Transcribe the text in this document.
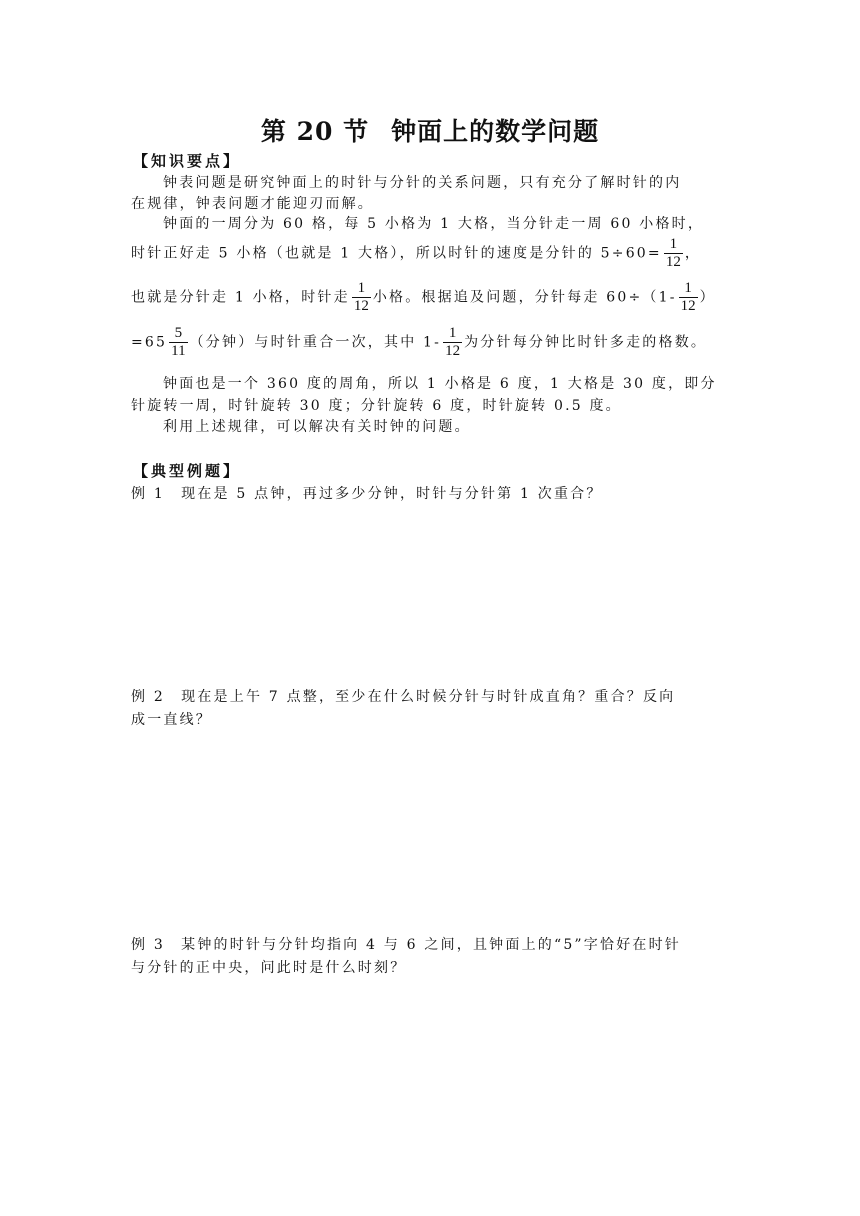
第 20 节 钟面上的数学问题
【知识要点】
钟表问题是研究钟面上的时针与分针的关系问题，只有充分了解时针的内
在规律，钟表问题才能迎刃而解。
钟面的一周分为 60 格，每 5 小格为 1 大格，当分针走一周 60 小格时，
时针正好走 5 小格（也就是 1 大格），所以时针的速度是分针的 $5\div 60= \frac{1}{12}$ ，
也就是分针走 1 小格，时针走 $\frac{1}{12}$ 小格。根据追及问题，分针每走 $60\div(1- \frac{1}{12}$ ）
$=65 \frac{5}{11}$ （分钟）与时针重合一次，其中 $1- \frac{1}{12}$ 为分针每分钟比时针多走的格数。
钟面也是一个 360 度的周角，所以 1 小格是 6 度，1 大格是 30 度，即分
针旋转一周，时针旋转 30 度；分针旋转 6 度，时针旋转 0.5 度。
利用上述规律，可以解决有关时钟的问题。
【典型例题】
例 1　现在是 5 点钟，再过多少分钟，时针与分针第 1 次重合？
例 2　现在是上午 7 点整，至少在什么时候分针与时针成直角？重合？反向
成一直线？
例 3　某钟的时针与分针均指向 4 与 6 之间，且钟面上的“5”字恰好在时针
与分针的正中央，问此时是什么时刻？
